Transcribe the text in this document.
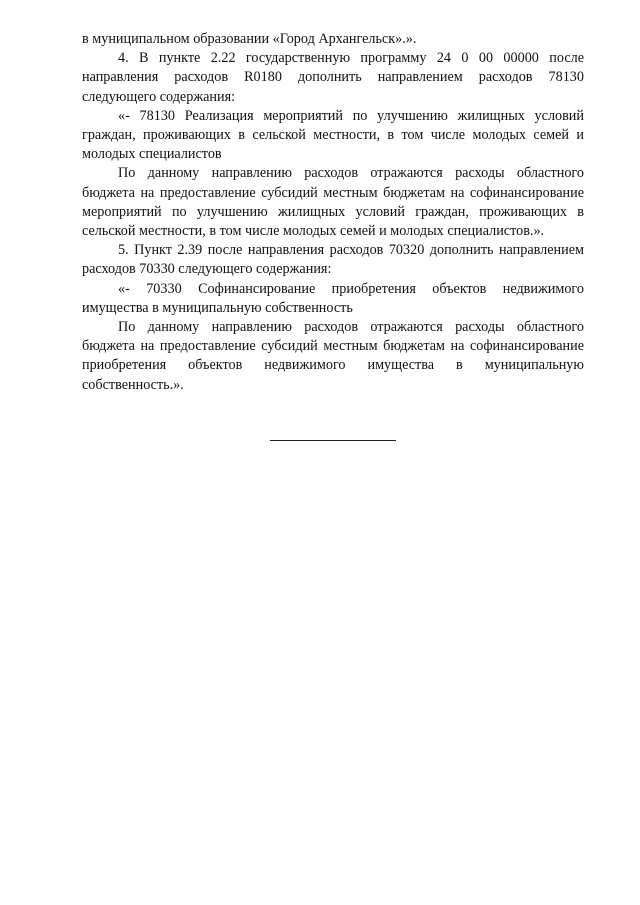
в муниципальном образовании «Город Архангельск».».

4. В пункте 2.22 государственную программу 24 0 00 00000 после направления расходов R0180 дополнить направлением расходов 78130 следующего содержания:

«- 78130 Реализация мероприятий по улучшению жилищных условий граждан, проживающих в сельской местности, в том числе молодых семей и молодых специалистов

По данному направлению расходов отражаются расходы областного бюджета на предоставление субсидий местным бюджетам на софинансирование мероприятий по улучшению жилищных условий граждан, проживающих в сельской местности, в том числе молодых семей и молодых специалистов.».

5. Пункт 2.39 после направления расходов 70320 дополнить направлением расходов 70330 следующего содержания:

«- 70330 Софинансирование приобретения объектов недвижимого имущества в муниципальную собственность

По данному направлению расходов отражаются расходы областного бюджета на предоставление субсидий местным бюджетам на софинансирование приобретения объектов недвижимого имущества в муниципальную собственность.».
